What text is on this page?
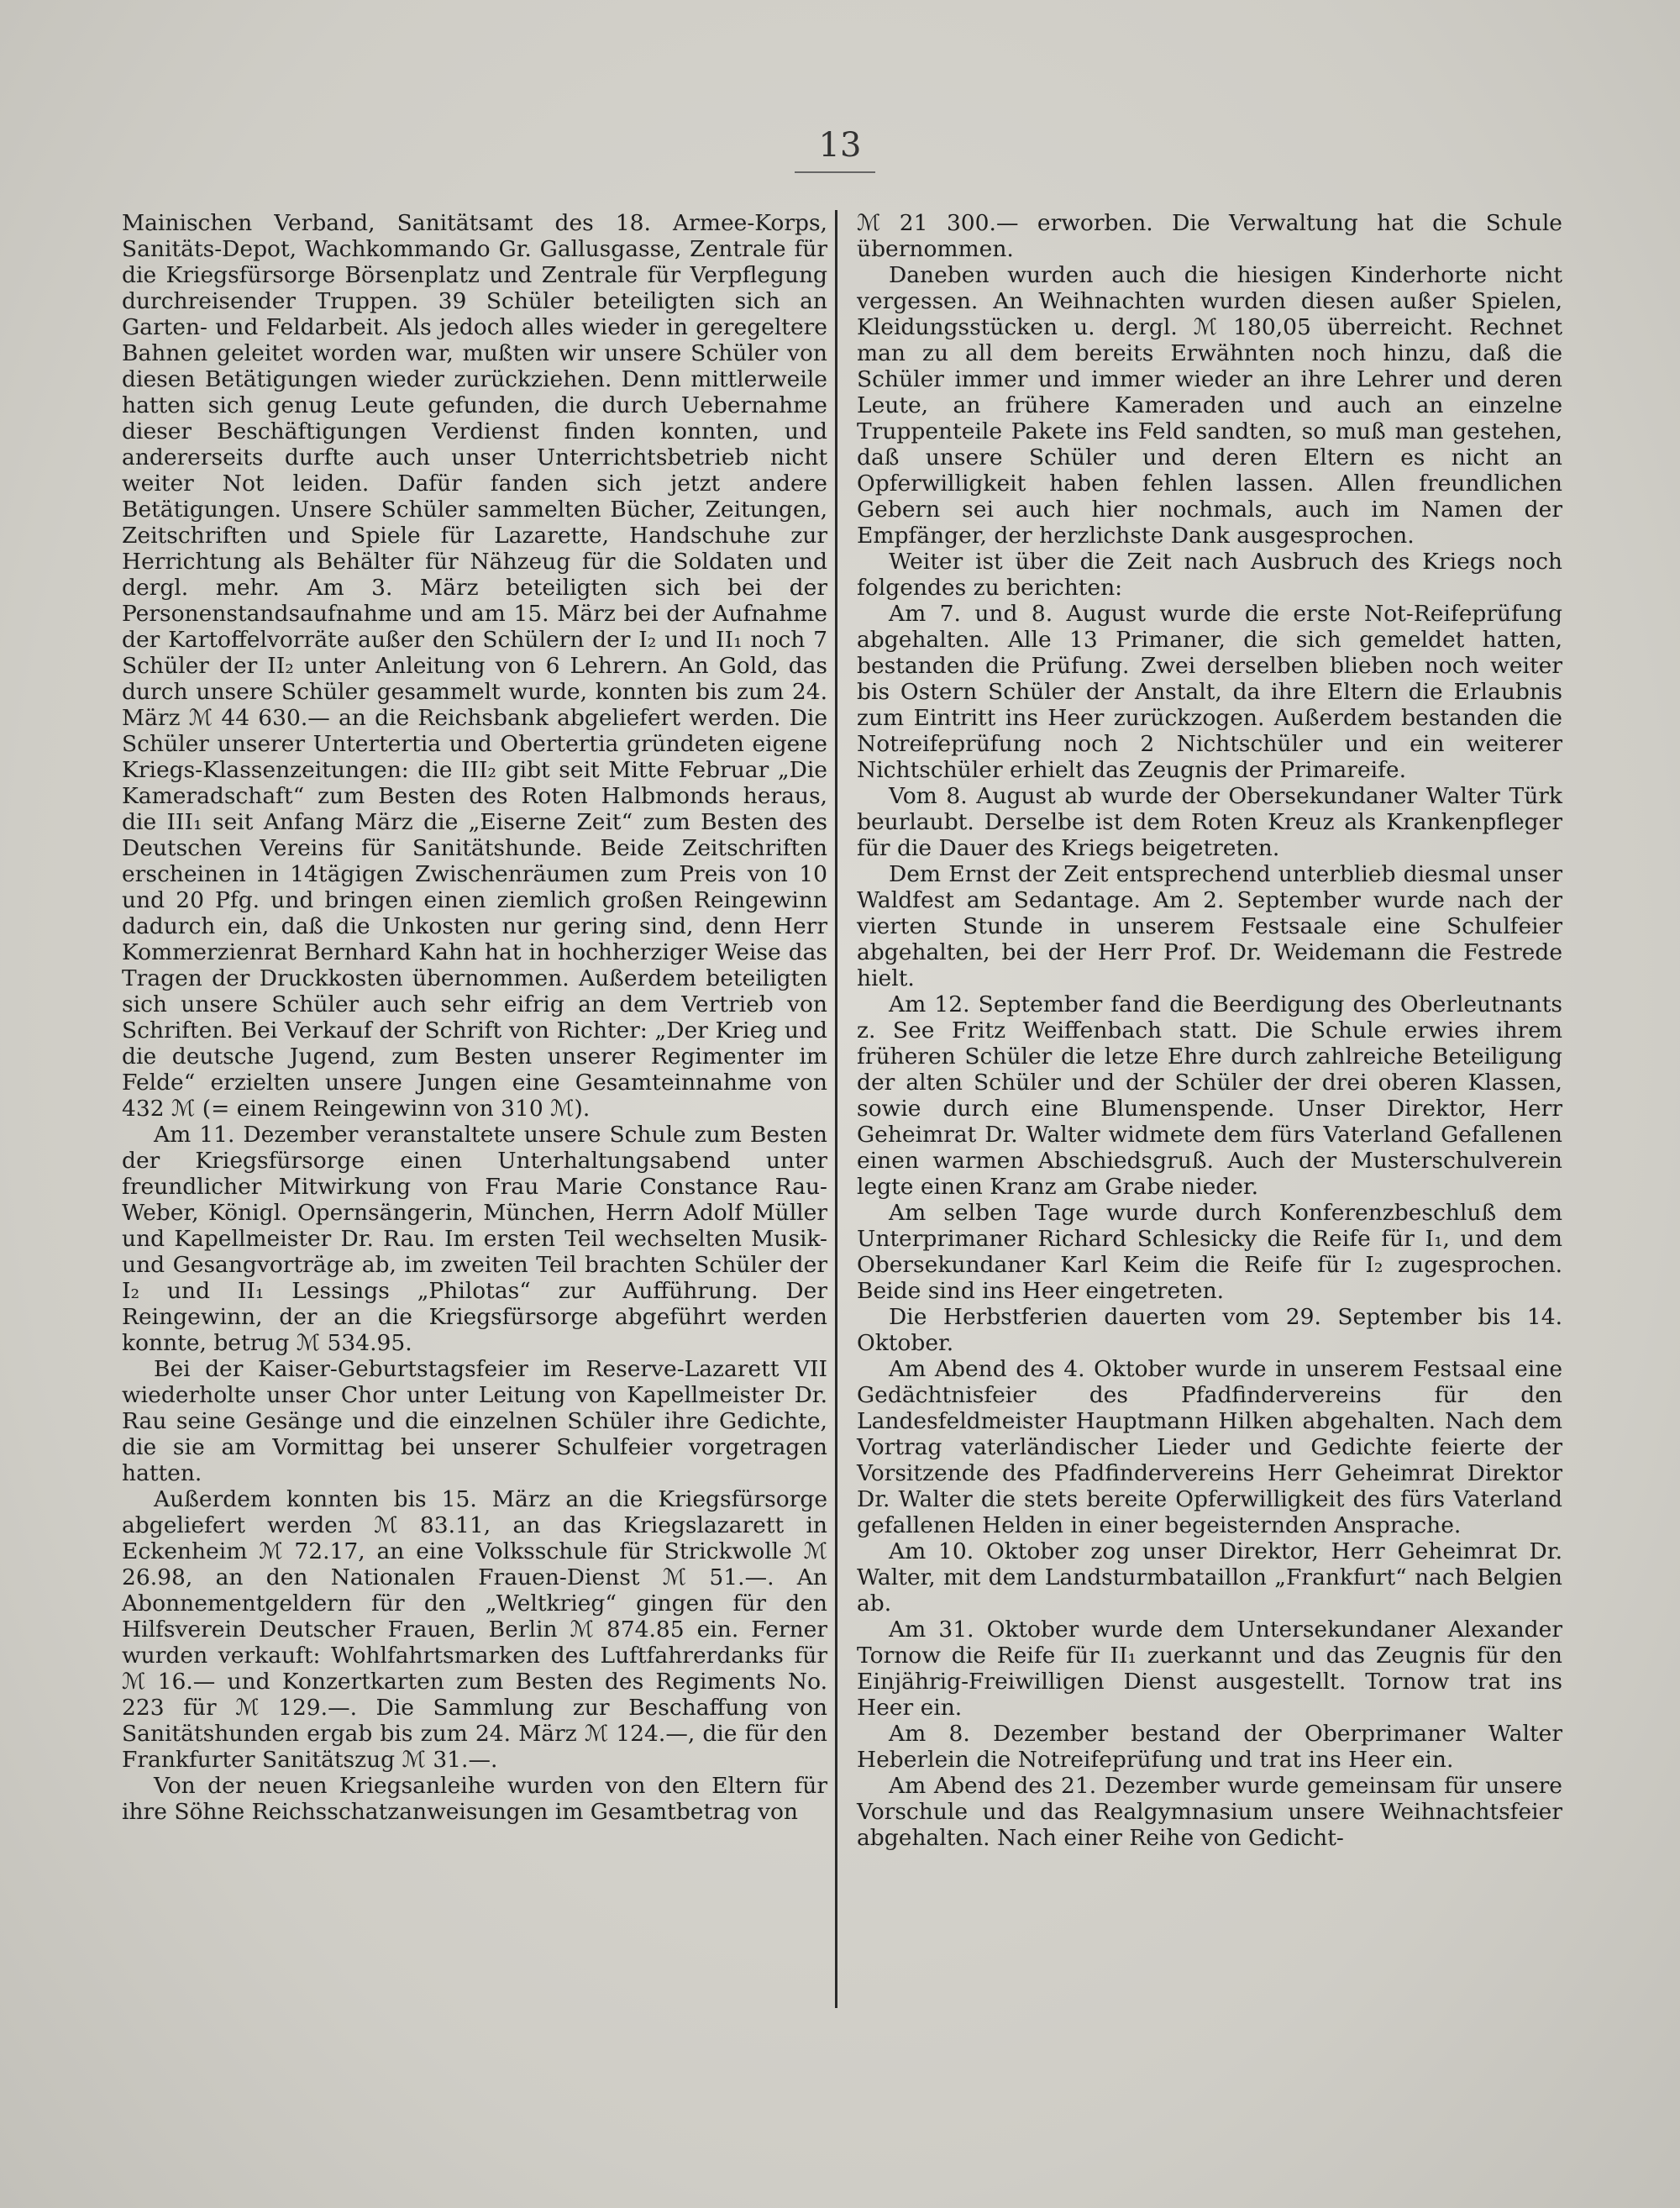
13

Mainischen Verband, Sanitätsamt des 18. Armee-Korps, Sanitäts-Depot, Wachkommando Gr. Gallusgasse, Zentrale für die Kriegsfürsorge Börsenplatz und Zentrale für Verpflegung durchreisender Truppen. 39 Schüler beteiligten sich an Garten- und Feldarbeit. Als jedoch alles wieder in geregeltere Bahnen geleitet worden war, mußten wir unsere Schüler von diesen Betätigungen wieder zurückziehen. Denn mittlerweile hatten sich genug Leute gefunden, die durch Uebernahme dieser Beschäftigungen Verdienst finden konnten, und andererseits durfte auch unser Unterrichtsbetrieb nicht weiter Not leiden. Dafür fanden sich jetzt andere Betätigungen. Unsere Schüler sammelten Bücher, Zeitungen, Zeitschriften und Spiele für Lazarette, Handschuhe zur Herrichtung als Behälter für Nähzeug für die Soldaten und dergl. mehr. Am 3. März beteiligten sich bei der Personenstandsaufnahme und am 15. März bei der Aufnahme der Kartoffelvorräte außer den Schülern der I₂ und II₁ noch 7 Schüler der II₂ unter Anleitung von 6 Lehrern. An Gold, das durch unsere Schüler gesammelt wurde, konnten bis zum 24. März ℳ 44 630.— an die Reichsbank abgeliefert werden. Die Schüler unserer Untertertia und Obertertia gründeten eigene Kriegs-Klassenzeitungen: die III₂ gibt seit Mitte Februar „Die Kameradschaft“ zum Besten des Roten Halbmonds heraus, die III₁ seit Anfang März die „Eiserne Zeit“ zum Besten des Deutschen Vereins für Sanitätshunde. Beide Zeitschriften erscheinen in 14tägigen Zwischenräumen zum Preis von 10 und 20 Pfg. und bringen einen ziemlich großen Reingewinn dadurch ein, daß die Unkosten nur gering sind, denn Herr Kommerzienrat Bernhard Kahn hat in hochherziger Weise das Tragen der Druckkosten übernommen. Außerdem beteiligten sich unsere Schüler auch sehr eifrig an dem Vertrieb von Schriften. Bei Verkauf der Schrift von Richter: „Der Krieg und die deutsche Jugend, zum Besten unserer Regimenter im Felde“ erzielten unsere Jungen eine Gesamteinnahme von 432 ℳ (= einem Reingewinn von 310 ℳ).

Am 11. Dezember veranstaltete unsere Schule zum Besten der Kriegsfürsorge einen Unterhaltungsabend unter freundlicher Mitwirkung von Frau Marie Constance Rau-Weber, Königl. Opernsängerin, München, Herrn Adolf Müller und Kapellmeister Dr. Rau. Im ersten Teil wechselten Musik- und Gesangvorträge ab, im zweiten Teil brachten Schüler der I₂ und II₁ Lessings „Philotas“ zur Aufführung. Der Reingewinn, der an die Kriegsfürsorge abgeführt werden konnte, betrug ℳ 534.95.

Bei der Kaiser-Geburtstagsfeier im Reserve-Lazarett VII wiederholte unser Chor unter Leitung von Kapellmeister Dr. Rau seine Gesänge und die einzelnen Schüler ihre Gedichte, die sie am Vormittag bei unserer Schulfeier vorgetragen hatten.

Außerdem konnten bis 15. März an die Kriegsfürsorge abgeliefert werden ℳ 83.11, an das Kriegslazarett in Eckenheim ℳ 72.17, an eine Volksschule für Strickwolle ℳ 26.98, an den Nationalen Frauen-Dienst ℳ 51.—. An Abonnementgeldern für den „Weltkrieg“ gingen für den Hilfsverein Deutscher Frauen, Berlin ℳ 874.85 ein. Ferner wurden verkauft: Wohlfahrtsmarken des Luftfahrerdanks für ℳ 16.— und Konzertkarten zum Besten des Regiments No. 223 für ℳ 129.—. Die Sammlung zur Beschaffung von Sanitätshunden ergab bis zum 24. März ℳ 124.—, die für den Frankfurter Sanitätszug ℳ 31.—.

Von der neuen Kriegsanleihe wurden von den Eltern für ihre Söhne Reichsschatzanweisungen im Gesamtbetrag von

ℳ 21 300.— erworben. Die Verwaltung hat die Schule übernommen.

Daneben wurden auch die hiesigen Kinderhorte nicht vergessen. An Weihnachten wurden diesen außer Spielen, Kleidungsstücken u. dergl. ℳ 180,05 überreicht. Rechnet man zu all dem bereits Erwähnten noch hinzu, daß die Schüler immer und immer wieder an ihre Lehrer und deren Leute, an frühere Kameraden und auch an einzelne Truppenteile Pakete ins Feld sandten, so muß man gestehen, daß unsere Schüler und deren Eltern es nicht an Opferwilligkeit haben fehlen lassen. Allen freundlichen Gebern sei auch hier nochmals, auch im Namen der Empfänger, der herzlichste Dank ausgesprochen.

Weiter ist über die Zeit nach Ausbruch des Kriegs noch folgendes zu berichten:

Am 7. und 8. August wurde die erste Not-Reifeprüfung abgehalten. Alle 13 Primaner, die sich gemeldet hatten, bestanden die Prüfung. Zwei derselben blieben noch weiter bis Ostern Schüler der Anstalt, da ihre Eltern die Erlaubnis zum Eintritt ins Heer zurückzogen. Außerdem bestanden die Notreifeprüfung noch 2 Nichtschüler und ein weiterer Nichtschüler erhielt das Zeugnis der Primareife.

Vom 8. August ab wurde der Obersekundaner Walter Türk beurlaubt. Derselbe ist dem Roten Kreuz als Krankenpfleger für die Dauer des Kriegs beigetreten.

Dem Ernst der Zeit entsprechend unterblieb diesmal unser Waldfest am Sedantage. Am 2. September wurde nach der vierten Stunde in unserem Festsaale eine Schulfeier abgehalten, bei der Herr Prof. Dr. Weidemann die Festrede hielt.

Am 12. September fand die Beerdigung des Oberleutnants z. See Fritz Weiffenbach statt. Die Schule erwies ihrem früheren Schüler die letze Ehre durch zahlreiche Beteiligung der alten Schüler und der Schüler der drei oberen Klassen, sowie durch eine Blumenspende. Unser Direktor, Herr Geheimrat Dr. Walter widmete dem fürs Vaterland Gefallenen einen warmen Abschiedsgruß. Auch der Musterschulverein legte einen Kranz am Grabe nieder.

Am selben Tage wurde durch Konferenzbeschluß dem Unterprimaner Richard Schlesicky die Reife für I₁, und dem Obersekundaner Karl Keim die Reife für I₂ zugesprochen. Beide sind ins Heer eingetreten.

Die Herbstferien dauerten vom 29. September bis 14. Oktober.

Am Abend des 4. Oktober wurde in unserem Festsaal eine Gedächtnisfeier des Pfadfindervereins für den Landesfeldmeister Hauptmann Hilken abgehalten. Nach dem Vortrag vaterländischer Lieder und Gedichte feierte der Vorsitzende des Pfadfindervereins Herr Geheimrat Direktor Dr. Walter die stets bereite Opferwilligkeit des fürs Vaterland gefallenen Helden in einer begeisternden Ansprache.

Am 10. Oktober zog unser Direktor, Herr Geheimrat Dr. Walter, mit dem Landsturmbataillon „Frankfurt“ nach Belgien ab.

Am 31. Oktober wurde dem Untersekundaner Alexander Tornow die Reife für II₁ zuerkannt und das Zeugnis für den Einjährig-Freiwilligen Dienst ausgestellt. Tornow trat ins Heer ein.

Am 8. Dezember bestand der Oberprimaner Walter Heberlein die Notreifeprüfung und trat ins Heer ein.

Am Abend des 21. Dezember wurde gemeinsam für unsere Vorschule und das Realgymnasium unsere Weihnachtsfeier abgehalten. Nach einer Reihe von Gedicht-
